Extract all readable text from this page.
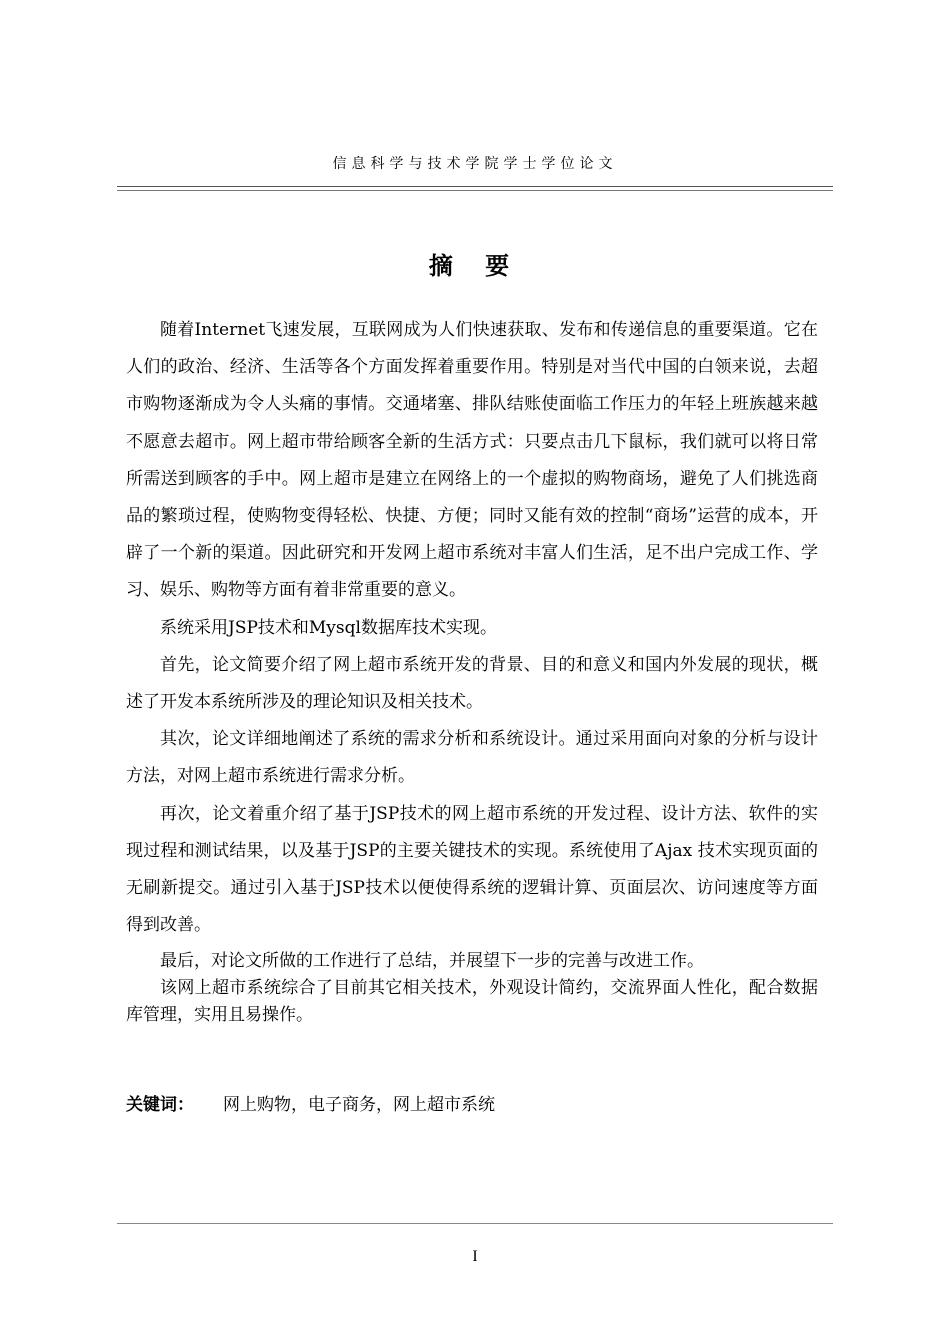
信息科学与技术学院学士学位论文
摘 要

随着Internet飞速发展，互联网成为人们快速获取、发布和传递信息的重要渠道。它在人们的政治、经济、生活等各个方面发挥着重要作用。特别是对当代中国的白领来说，去超市购物逐渐成为令人头痛的事情。交通堵塞、排队结账使面临工作压力的年轻上班族越来越不愿意去超市。网上超市带给顾客全新的生活方式：只要点击几下鼠标，我们就可以将日常所需送到顾客的手中。网上超市是建立在网络上的一个虚拟的购物商场，避免了人们挑选商品的繁琐过程，使购物变得轻松、快捷、方便；同时又能有效的控制“商场”运营的成本，开辟了一个新的渠道。因此研究和开发网上超市系统对丰富人们生活，足不出户完成工作、学习、娱乐、购物等方面有着非常重要的意义。

系统采用JSP技术和Mysql数据库技术实现。

首先，论文简要介绍了网上超市系统开发的背景、目的和意义和国内外发展的现状，概述了开发本系统所涉及的理论知识及相关技术。

其次，论文详细地阐述了系统的需求分析和系统设计。通过采用面向对象的分析与设计方法，对网上超市系统进行需求分析。

再次，论文着重介绍了基于JSP技术的网上超市系统的开发过程、设计方法、软件的实现过程和测试结果，以及基于JSP的主要关键技术的实现。系统使用了Ajax 技术实现页面的无刷新提交。通过引入基于JSP技术以便使得系统的逻辑计算、页面层次、访问速度等方面得到改善。

最后，对论文所做的工作进行了总结，并展望下一步的完善与改进工作。

该网上超市系统综合了目前其它相关技术，外观设计简约，交流界面人性化，配合数据库管理，实用且易操作。

关键词： 网上购物，电子商务，网上超市系统
I
